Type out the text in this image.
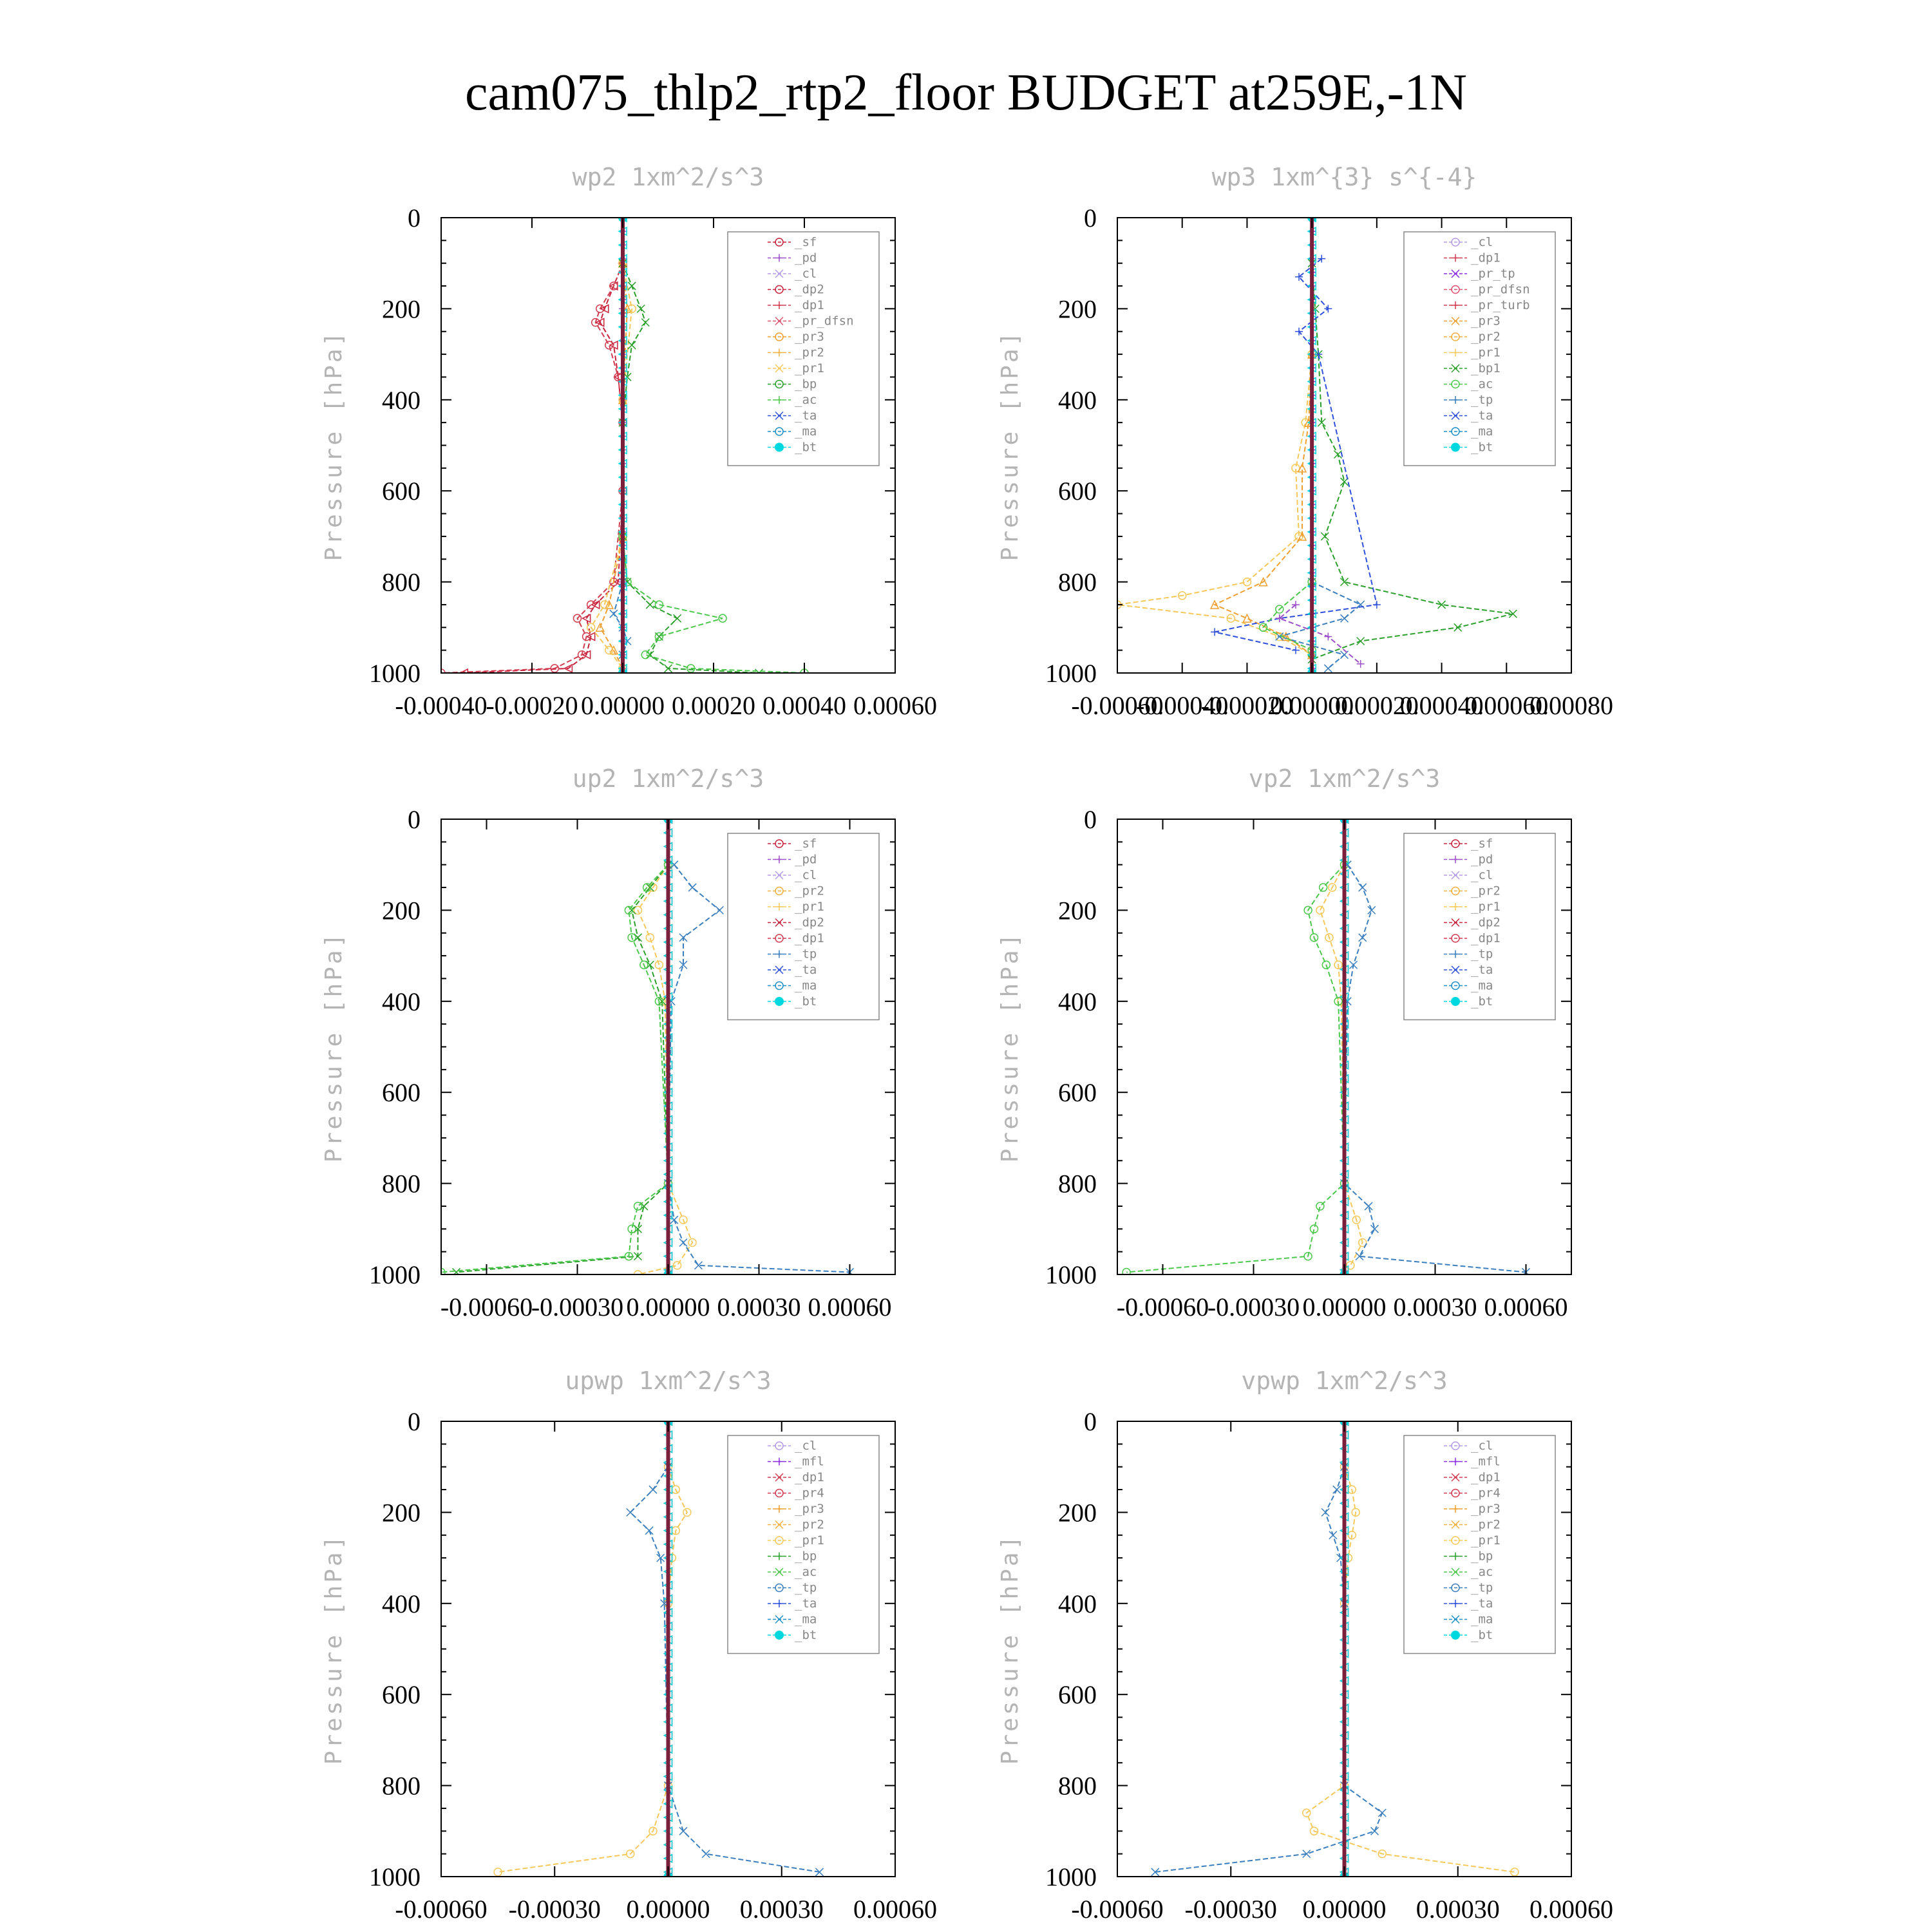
cam075_thlp2_rtp2_floor BUDGET at259E,-1N
wp2 1xm^2/s^3
Pressure [hPa]
0
200
400
600
800
1000
-0.00040
-0.00020 0.00000 0.00020 0.00040 0.00060
_sf
_pd
_cl
_dp2
_dp1
_pr_dfsn
_pr3
_pr2
_pr1
_bp
_ac
_ta
_ma
_bt
wp3 1xm^{3} s^{-4}
Pressure [hPa]
0
200
400
600
800
1000
-0.00060
-0.00040
-0.00020
0.00000
0.00020
0.00040
0.00060
0.00080
_cl
_dp1
_pr_tp
_pr_dfsn
_pr_turb
_pr3
_pr2
_pr1
_bp1
_ac
_tp
_ta
_ma
_bt
up2 1xm^2/s^3
Pressure [hPa]
0
200
400
600
800
1000
-0.00060
-0.00030 0.00000 0.00030 0.00060
_sf
_pd
_cl
_pr2
_pr1
_dp2
_dp1
_tp
_ta
_ma
_bt
vp2 1xm^2/s^3
Pressure [hPa]
0
200
400
600
800
1000
-0.00060
-0.00030 0.00000 0.00030 0.00060
_sf
_pd
_cl
_pr2
_pr1
_dp2
_dp1
_tp
_ta
_ma
_bt
upwp 1xm^2/s^3
Pressure [hPa]
0
200
400
600
800
1000
-0.00060 -0.00030 0.00000 0.00030 0.00060
_cl
_mfl
_dp1
_pr4
_pr3
_pr2
_pr1
_bp
_ac
_tp
_ta
_ma
_bt
vpwp 1xm^2/s^3
Pressure [hPa]
0
200
400
600
800
1000
-0.00060 -0.00030 0.00000 0.00030 0.00060
_cl
_mfl
_dp1
_pr4
_pr3
_pr2
_pr1
_bp
_ac
_tp
_ta
_ma
_bt
